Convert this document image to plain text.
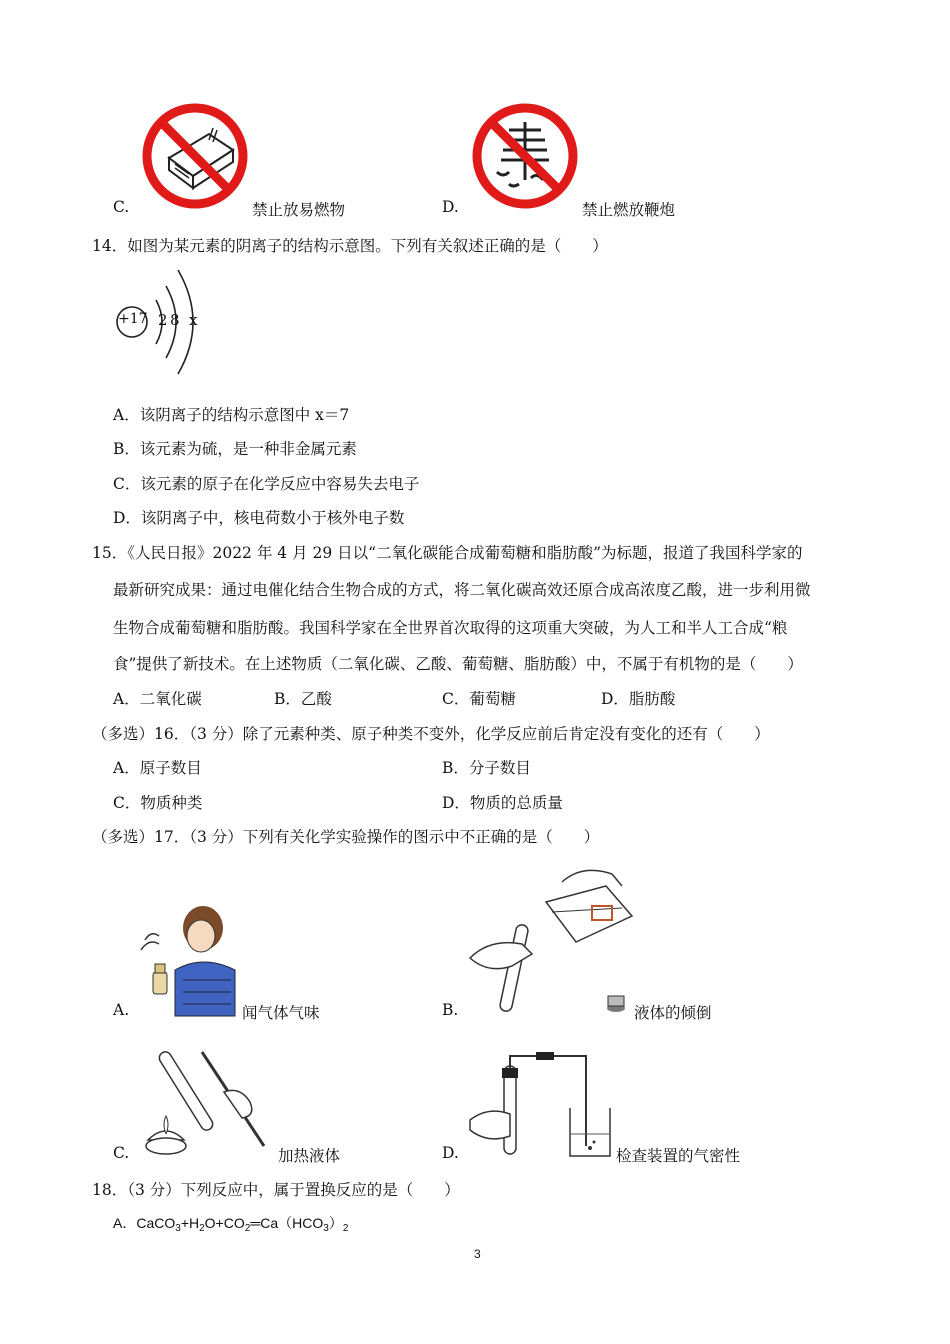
C.	禁止放易燃物	D.	禁止燃放鞭炮
14．如图为某元素的阴离子的结构示意图。下列有关叙述正确的是（　　）
+17 2 8 x
A．该阴离子的结构示意图中 x＝7
B．该元素为硫，是一种非金属元素
C．该元素的原子在化学反应中容易失去电子
D．该阴离子中，核电荷数小于核外电子数
15．《人民日报》2022 年 4 月 29 日以“二氧化碳能合成葡萄糖和脂肪酸”为标题，报道了我国科学家的
最新研究成果：通过电催化结合生物合成的方式，将二氧化碳高效还原合成高浓度乙酸，进一步利用微
生物合成葡萄糖和脂肪酸。我国科学家在全世界首次取得的这项重大突破，为人工和半人工合成“粮
食”提供了新技术。在上述物质（二氧化碳、乙酸、葡萄糖、脂肪酸）中，不属于有机物的是（　　）
A．二氧化碳	B．乙酸	C．葡萄糖	D．脂肪酸
（多选）16．（3 分）除了元素种类、原子种类不变外，化学反应前后肯定没有变化的还有（　　）
A．原子数目	B．分子数目
C．物质种类	D．物质的总质量
（多选）17．（3 分）下列有关化学实验操作的图示中不正确的是（　　）
A.	闻气体气味	B.	液体的倾倒
C.	加热液体	D.	检查装置的气密性
18．（3 分）下列反应中，属于置换反应的是（　　）
A．$CaCO_3+H_2O+CO_2═Ca(HCO_3)_2$
3
